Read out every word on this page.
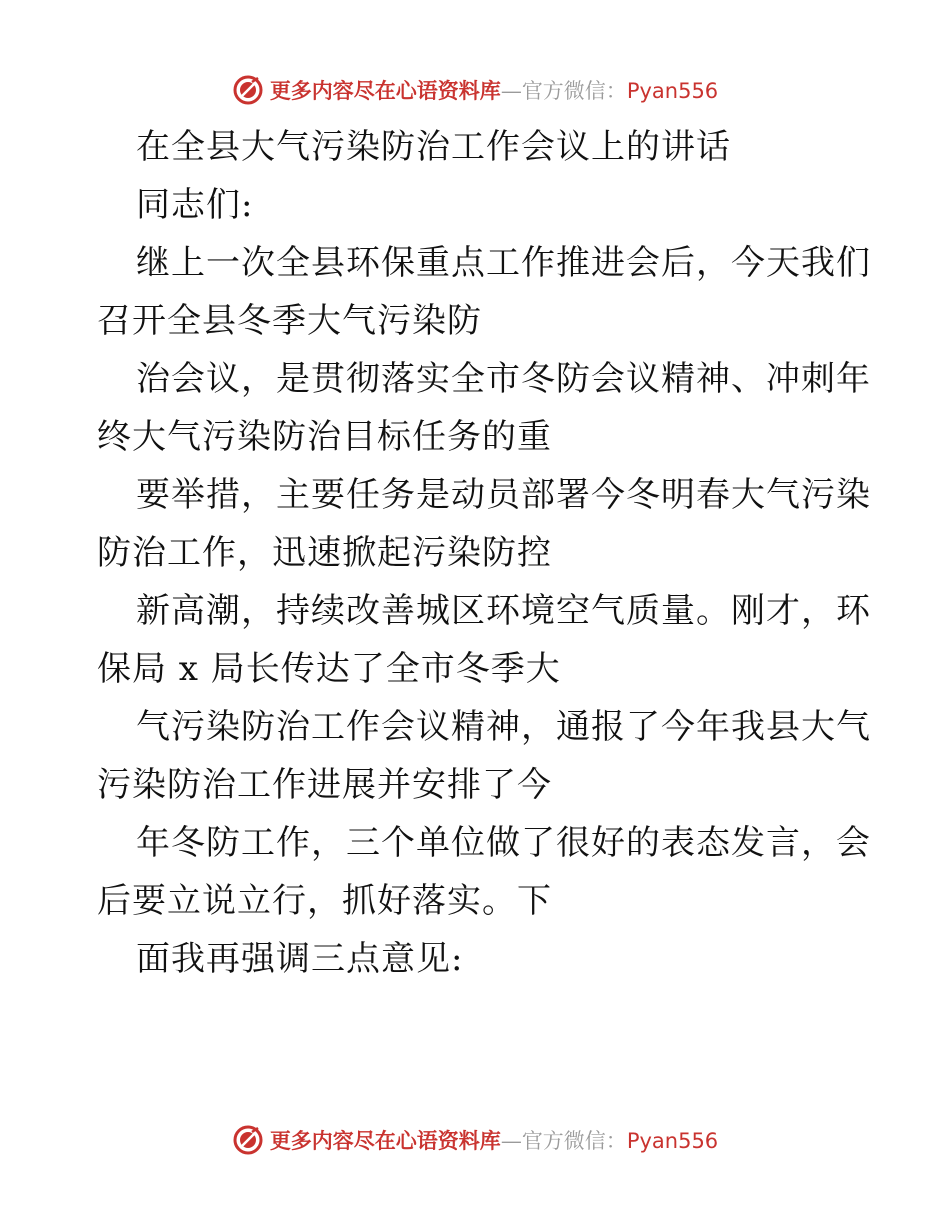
更多内容尽在心语资料库—官方微信：Pyan556
在全县大气污染防治工作会议上的讲话
同志们:
继上一次全县环保重点工作推进会后，今天我们
召开全县冬季大气污染防
治会议，是贯彻落实全市冬防会议精神、冲刺年
终大气污染防治目标任务的重
要举措，主要任务是动员部署今冬明春大气污染
防治工作，迅速掀起污染防控
新高潮，持续改善城区环境空气质量。刚才，环
保局 x 局长传达了全市冬季大
气污染防治工作会议精神，通报了今年我县大气
污染防治工作进展并安排了今
年冬防工作，三个单位做了很好的表态发言，会
后要立说立行，抓好落实。下
面我再强调三点意见:
更多内容尽在心语资料库—官方微信：Pyan556
